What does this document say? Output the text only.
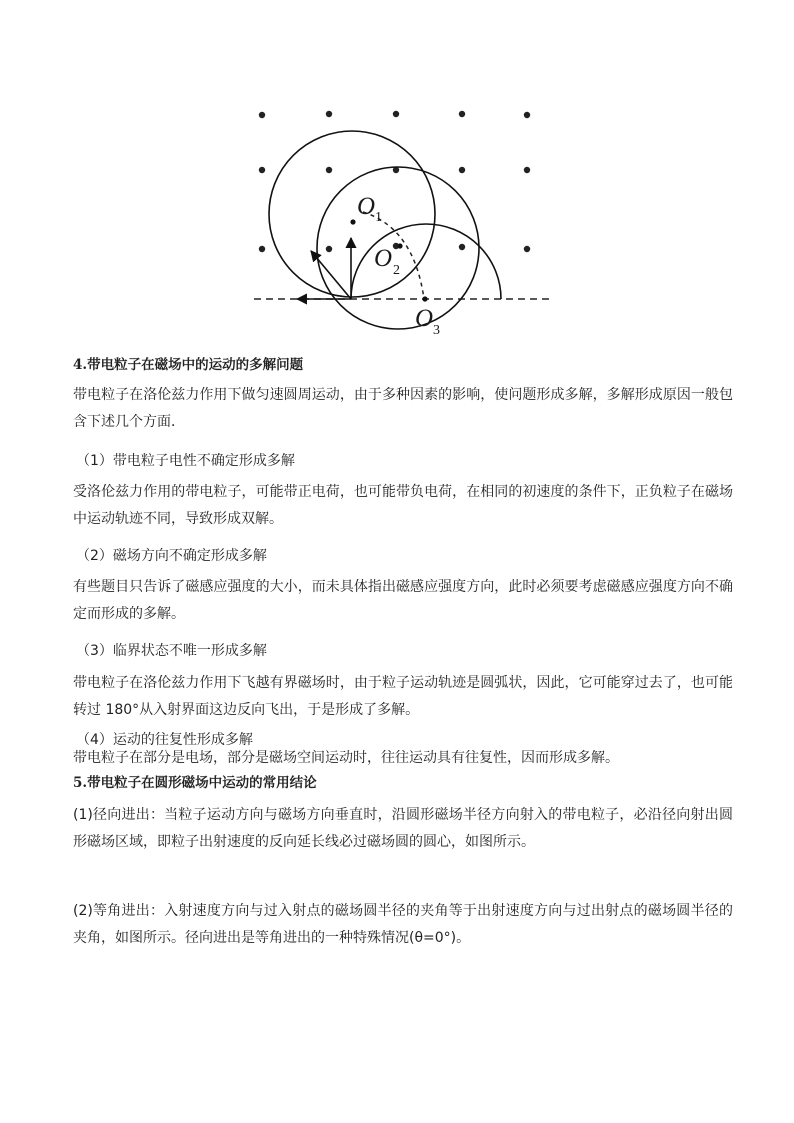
O 1
O 2
O 3
4.带电粒子在磁场中的运动的多解问题
带电粒子在洛伦兹力作用下做匀速圆周运动，由于多种因素的影响，使问题形成多解，多解形成原因一般包含下述几个方面．
（1）带电粒子电性不确定形成多解
受洛伦兹力作用的带电粒子，可能带正电荷，也可能带负电荷，在相同的初速度的条件下，正负粒子在磁场中运动轨迹不同，导致形成双解。
（2）磁场方向不确定形成多解
有些题目只告诉了磁感应强度的大小，而未具体指出磁感应强度方向，此时必须要考虑磁感应强度方向不确定而形成的多解。
（3）临界状态不唯一形成多解
带电粒子在洛伦兹力作用下飞越有界磁场时，由于粒子运动轨迹是圆弧状，因此，它可能穿过去了，也可能转过 180°从入射界面这边反向飞出，于是形成了多解。
（4）运动的往复性形成多解
带电粒子在部分是电场，部分是磁场空间运动时，往往运动具有往复性，因而形成多解。
5.带电粒子在圆形磁场中运动的常用结论
(1)径向进出：当粒子运动方向与磁场方向垂直时，沿圆形磁场半径方向射入的带电粒子，必沿径向射出圆形磁场区域，即粒子出射速度的反向延长线必过磁场圆的圆心，如图所示。
(2)等角进出：入射速度方向与过入射点的磁场圆半径的夹角等于出射速度方向与过出射点的磁场圆半径的夹角，如图所示。径向进出是等角进出的一种特殊情况(θ=0°)。
